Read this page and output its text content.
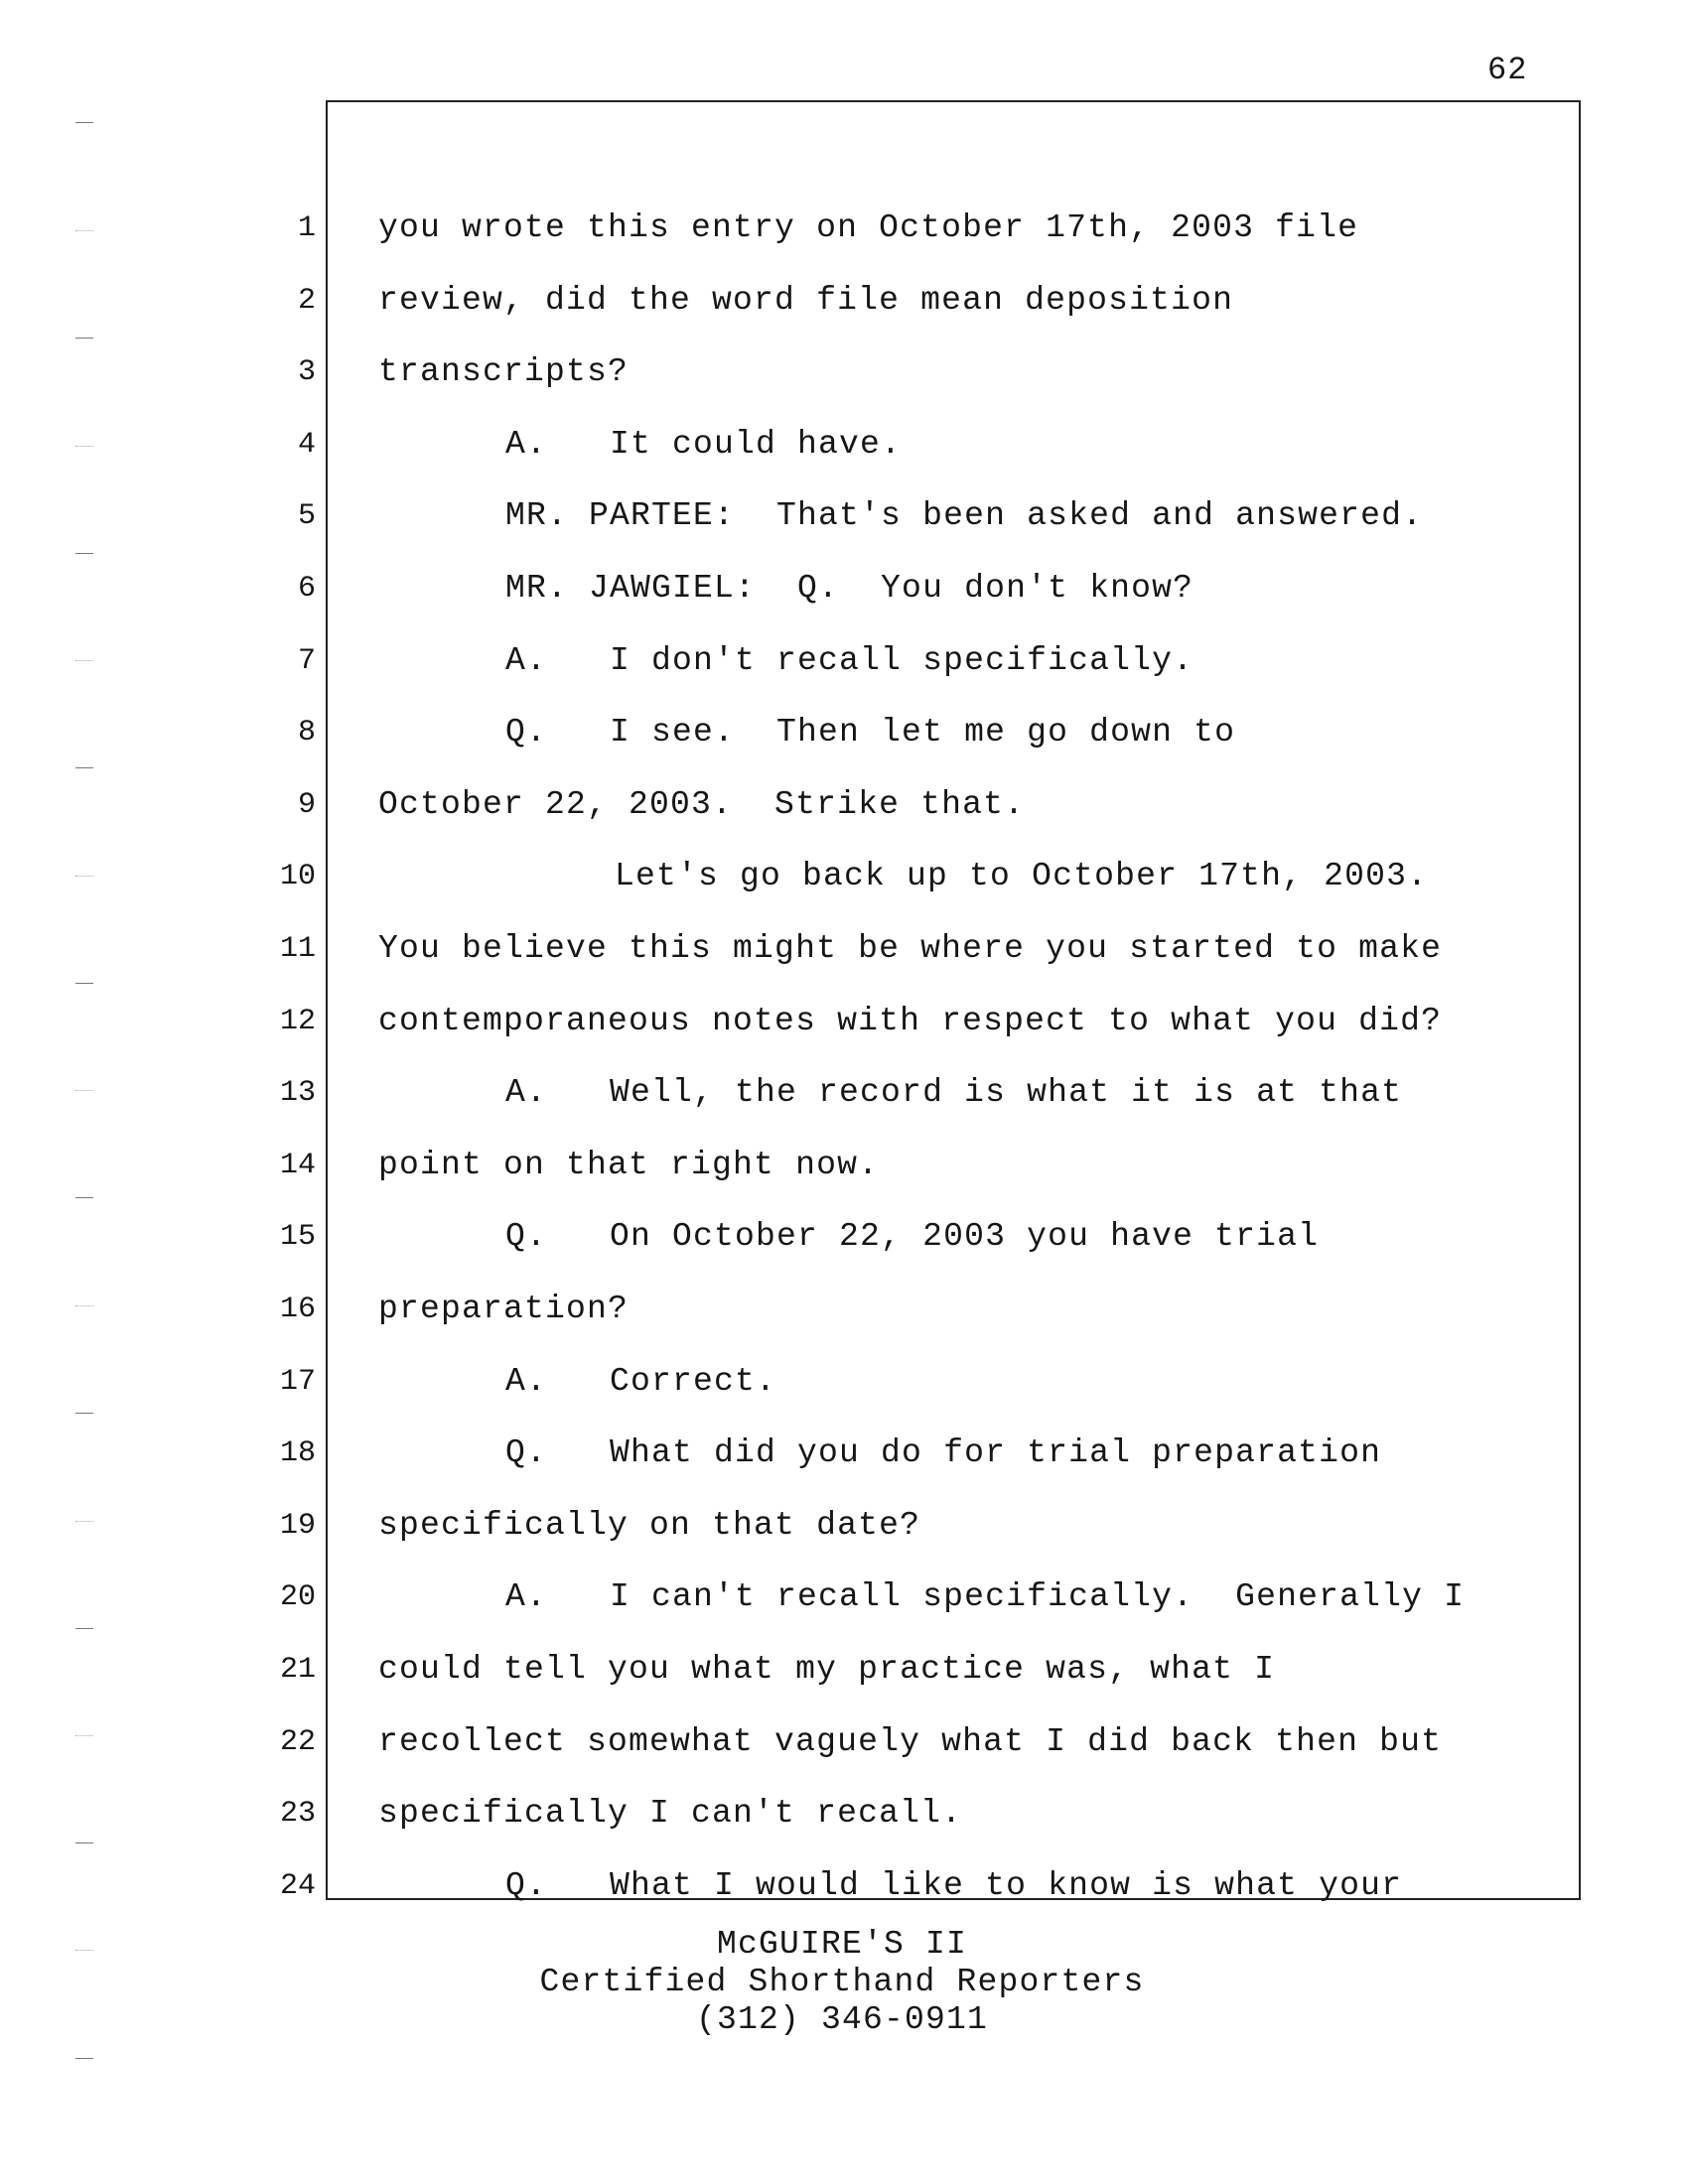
62
1 you wrote this entry on October 17th, 2003 file
2 review, did the word file mean deposition
3 transcripts?
4	A.   It could have.
5	MR. PARTEE:  That's been asked and answered.
6	MR. JAWGIEL:  Q.  You don't know?
7	A.   I don't recall specifically.
8	Q.   I see.  Then let me go down to
9 October 22, 2003.  Strike that.
10	Let's go back up to October 17th, 2003.
11 You believe this might be where you started to make
12 contemporaneous notes with respect to what you did?
13	A.   Well, the record is what it is at that
14 point on that right now.
15	Q.   On October 22, 2003 you have trial
16 preparation?
17	A.   Correct.
18	Q.   What did you do for trial preparation
19 specifically on that date?
20	A.   I can't recall specifically.  Generally I
21 could tell you what my practice was, what I
22 recollect somewhat vaguely what I did back then but
23 specifically I can't recall.
24	Q.   What I would like to know is what your
McGUIRE'S II
Certified Shorthand Reporters
(312) 346-0911
